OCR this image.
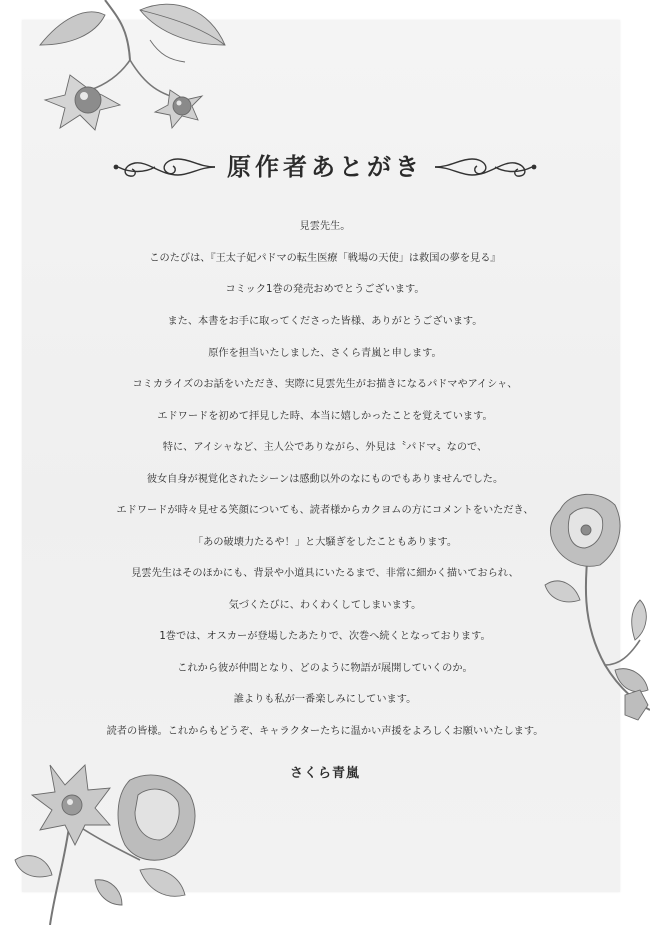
原作者あとがき
見雲先生。
このたびは、『王太子妃パドマの転生医療「戦場の天使」は救国の夢を見る』
コミック1巻の発売おめでとうございます。
また、本書をお手に取ってくださった皆様、ありがとうございます。
原作を担当いたしました、さくら青嵐と申します。
コミカライズのお話をいただき、実際に見雲先生がお描きになるパドマやアイシャ、
エドワードを初めて拝見した時、本当に嬉しかったことを覚えています。
特に、アイシャなど、主人公でありながら、外見は〝パドマ〟なので、
彼女自身が視覚化されたシーンは感動以外のなにものでもありませんでした。
エドワードが時々見せる笑顔についても、読者様からカクヨムの方にコメントをいただき、
「あの破壊力たるや！」と大騒ぎをしたこともあります。
見雲先生はそのほかにも、背景や小道具にいたるまで、非常に細かく描いておられ、
気づくたびに、わくわくしてしまいます。
1巻では、オスカーが登場したあたりで、次巻へ続くとなっております。
これから彼が仲間となり、どのように物語が展開していくのか。
誰よりも私が一番楽しみにしています。
読者の皆様。これからもどうぞ、キャラクターたちに温かい声援をよろしくお願いいたします。
さくら青嵐
